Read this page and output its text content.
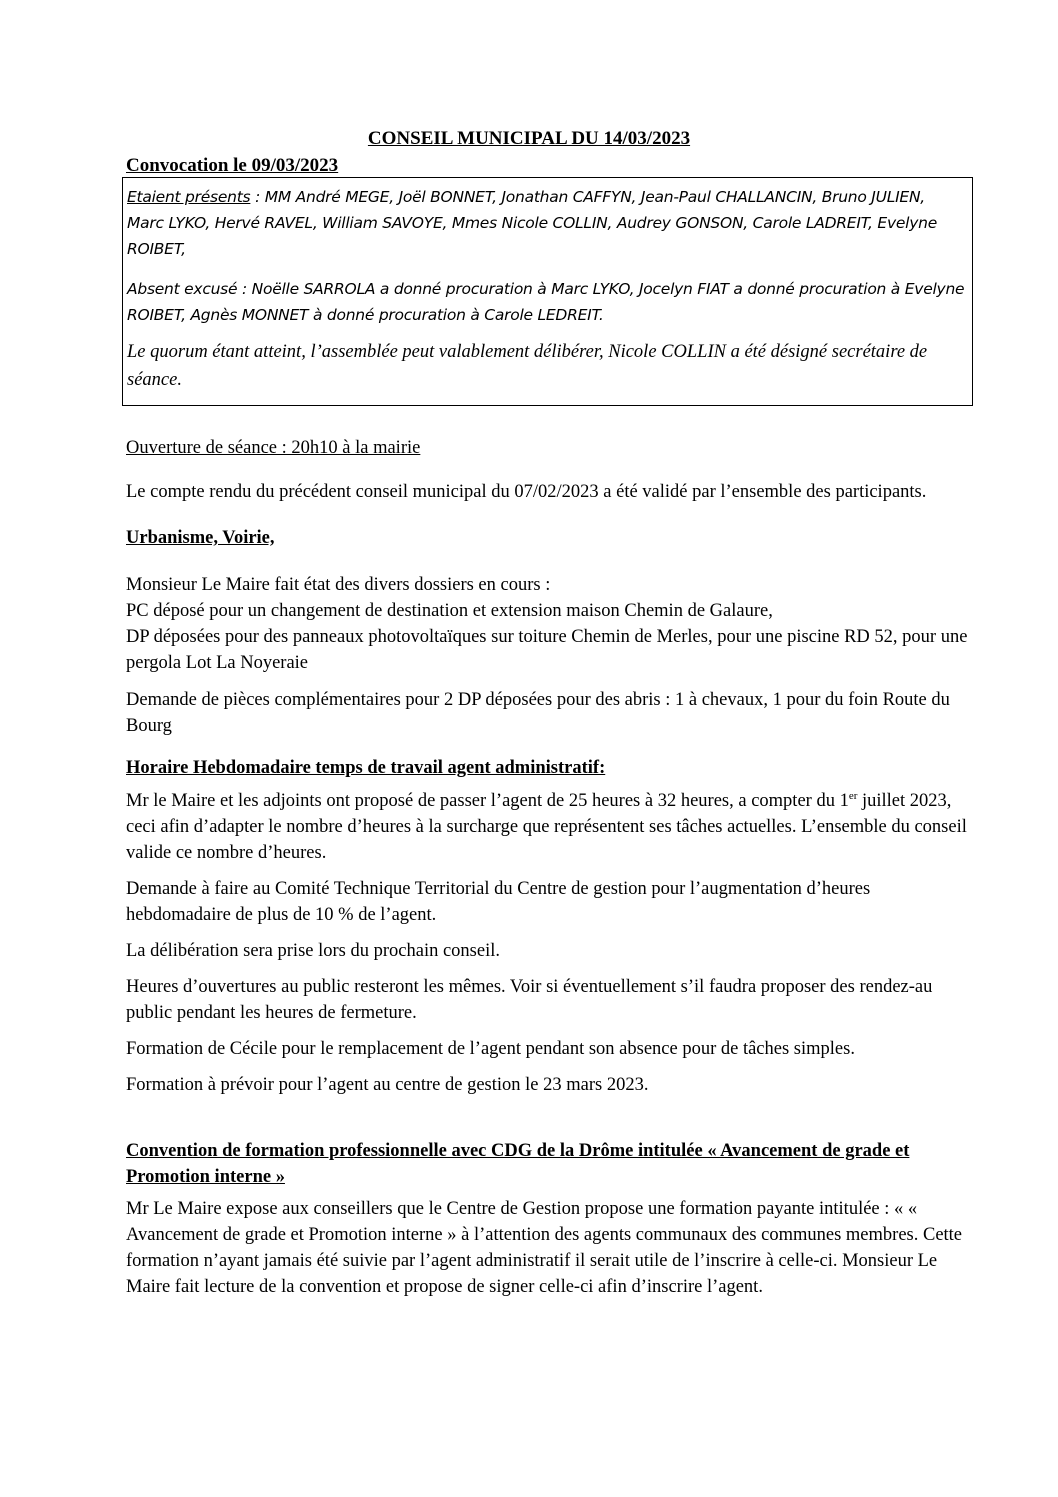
CONSEIL MUNICIPAL DU 14/03/2023

Convocation le 09/03/2023

Etaient présents : MM André MEGE, Joël BONNET, Jonathan CAFFYN, Jean-Paul CHALLANCIN, Bruno JULIEN, Marc LYKO, Hervé RAVEL, William SAVOYE, Mmes Nicole COLLIN, Audrey GONSON, Carole LADREIT, Evelyne ROIBET,

Absent excusé : Noëlle SARROLA a donné procuration à Marc LYKO, Jocelyn FIAT a donné procuration à Evelyne ROIBET, Agnès MONNET à donné procuration à Carole LEDREIT.

Le quorum étant atteint, l’assemblée peut valablement délibérer, Nicole COLLIN a été désigné secrétaire de séance.

Ouverture de séance : 20h10 à la mairie

Le compte rendu du précédent conseil municipal du 07/02/2023 a été validé par l’ensemble des participants.

Urbanisme, Voirie,

Monsieur Le Maire fait état des divers dossiers en cours :

PC déposé pour un changement de destination et extension maison Chemin de Galaure,

DP déposées pour des panneaux photovoltaïques sur toiture Chemin de Merles, pour une piscine RD 52, pour une pergola Lot La Noyeraie

Demande de pièces complémentaires pour 2 DP déposées pour des abris : 1 à chevaux, 1 pour du foin Route du Bourg

Horaire Hebdomadaire temps de travail agent administratif:

Mr le Maire et les adjoints ont proposé de passer l’agent de 25 heures à 32 heures, a compter du 1er juillet 2023, ceci afin d’adapter le nombre d’heures à la surcharge que représentent ses tâches actuelles. L’ensemble du conseil valide ce nombre d’heures.

Demande à faire au Comité Technique Territorial du Centre de gestion pour l’augmentation d’heures hebdomadaire de plus de 10 % de l’agent.

La délibération sera prise lors du prochain conseil.

Heures d’ouvertures au public resteront les mêmes. Voir si éventuellement s’il faudra proposer des rendez-au public pendant les heures de fermeture.

Formation de Cécile pour le remplacement de l’agent pendant son absence pour de tâches simples.

Formation à prévoir pour l’agent au centre de gestion le 23 mars 2023.

Convention de formation professionnelle avec CDG de la Drôme intitulée « Avancement de grade et Promotion interne »

Mr Le Maire expose aux conseillers que le Centre de Gestion propose une formation payante intitulée : « « Avancement de grade et Promotion interne » à l’attention des agents communaux des communes membres. Cette formation n’ayant jamais été suivie par l’agent administratif il serait utile de l’inscrire à celle-ci. Monsieur Le Maire fait lecture de la convention et propose de signer celle-ci afin d’inscrire l’agent.
